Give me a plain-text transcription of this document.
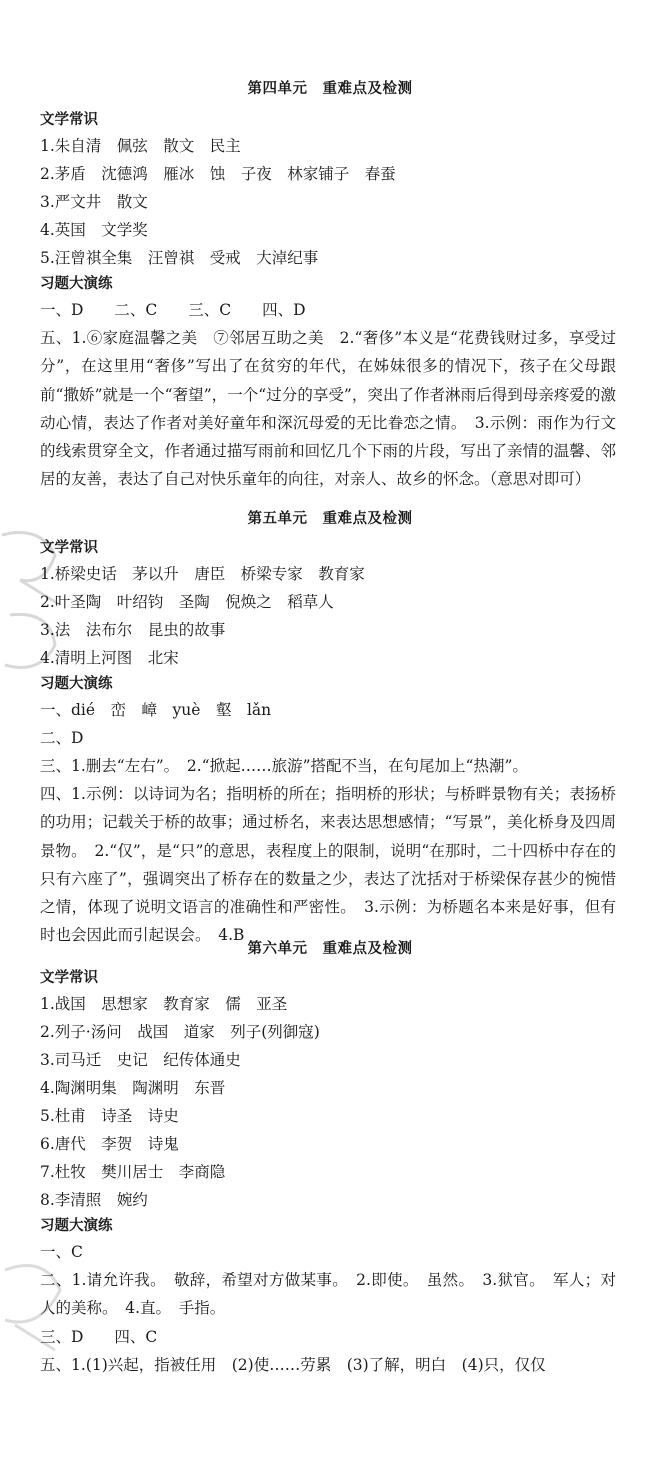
第四单元　重难点及检测
文学常识
1.朱自清　佩弦　散文　民主
2.茅盾　沈德鸿　雁冰　蚀　子夜　林家铺子　春蚕
3.严文井　散文
4.英国　文学奖
5.汪曾祺全集　汪曾祺　受戒　大淖纪事
习题大演练
一、D　　二、C　　三、C　　四、D
五、1.⑥家庭温馨之美　⑦邻居互助之美　2.“奢侈”本义是“花费钱财过多，享受过分”，在这里用“奢侈”写出了在贫穷的年代，在姊妹很多的情况下，孩子在父母跟前“撒娇”就是一个“奢望”，一个“过分的享受”，突出了作者淋雨后得到母亲疼爱的激动心情，表达了作者对美好童年和深沉母爱的无比眷恋之情。　3.示例：雨作为行文的线索贯穿全文，作者通过描写雨前和回忆几个下雨的片段，写出了亲情的温馨、邻居的友善，表达了自己对快乐童年的向往，对亲人、故乡的怀念。（意思对即可）
第五单元　重难点及检测
文学常识
1.桥梁史话　茅以升　唐臣　桥梁专家　教育家
2.叶圣陶　叶绍钧　圣陶　倪焕之　稻草人
3.法　法布尔　昆虫的故事
4.清明上河图　北宋
习题大演练
一、dié　峦　嶂　yuè　壑　lǎn
二、D
三、1.删去“左右”。　2.“掀起……旅游”搭配不当，在句尾加上“热潮”。
四、1.示例：以诗词为名；指明桥的所在；指明桥的形状；与桥畔景物有关；表扬桥的功用；记载关于桥的故事；通过桥名，来表达思想感情；“写景”，美化桥身及四周景物。　2.“仅”，是“只”的意思，表程度上的限制，说明“在那时，二十四桥中存在的只有六座了”，强调突出了桥存在的数量之少，表达了沈括对于桥梁保存甚少的惋惜之情，体现了说明文语言的准确性和严密性。　3.示例：为桥题名本来是好事，但有时也会因此而引起误会。　4.B
第六单元　重难点及检测
文学常识
1.战国　思想家　教育家　儒　亚圣
2.列子·汤问　战国　道家　列子(列御寇)
3.司马迁　史记　纪传体通史
4.陶渊明集　陶渊明　东晋
5.杜甫　诗圣　诗史
6.唐代　李贺　诗鬼
7.杜牧　樊川居士　李商隐
8.李清照　婉约
习题大演练
一、C
二、1.请允许我。　敬辞，希望对方做某事。　2.即使。　虽然。　3.狱官。　军人；对人的美称。　4.直。　手指。
三、D　　四、C
五、1.(1)兴起，指被任用　(2)使……劳累　(3)了解，明白　(4)只，仅仅
